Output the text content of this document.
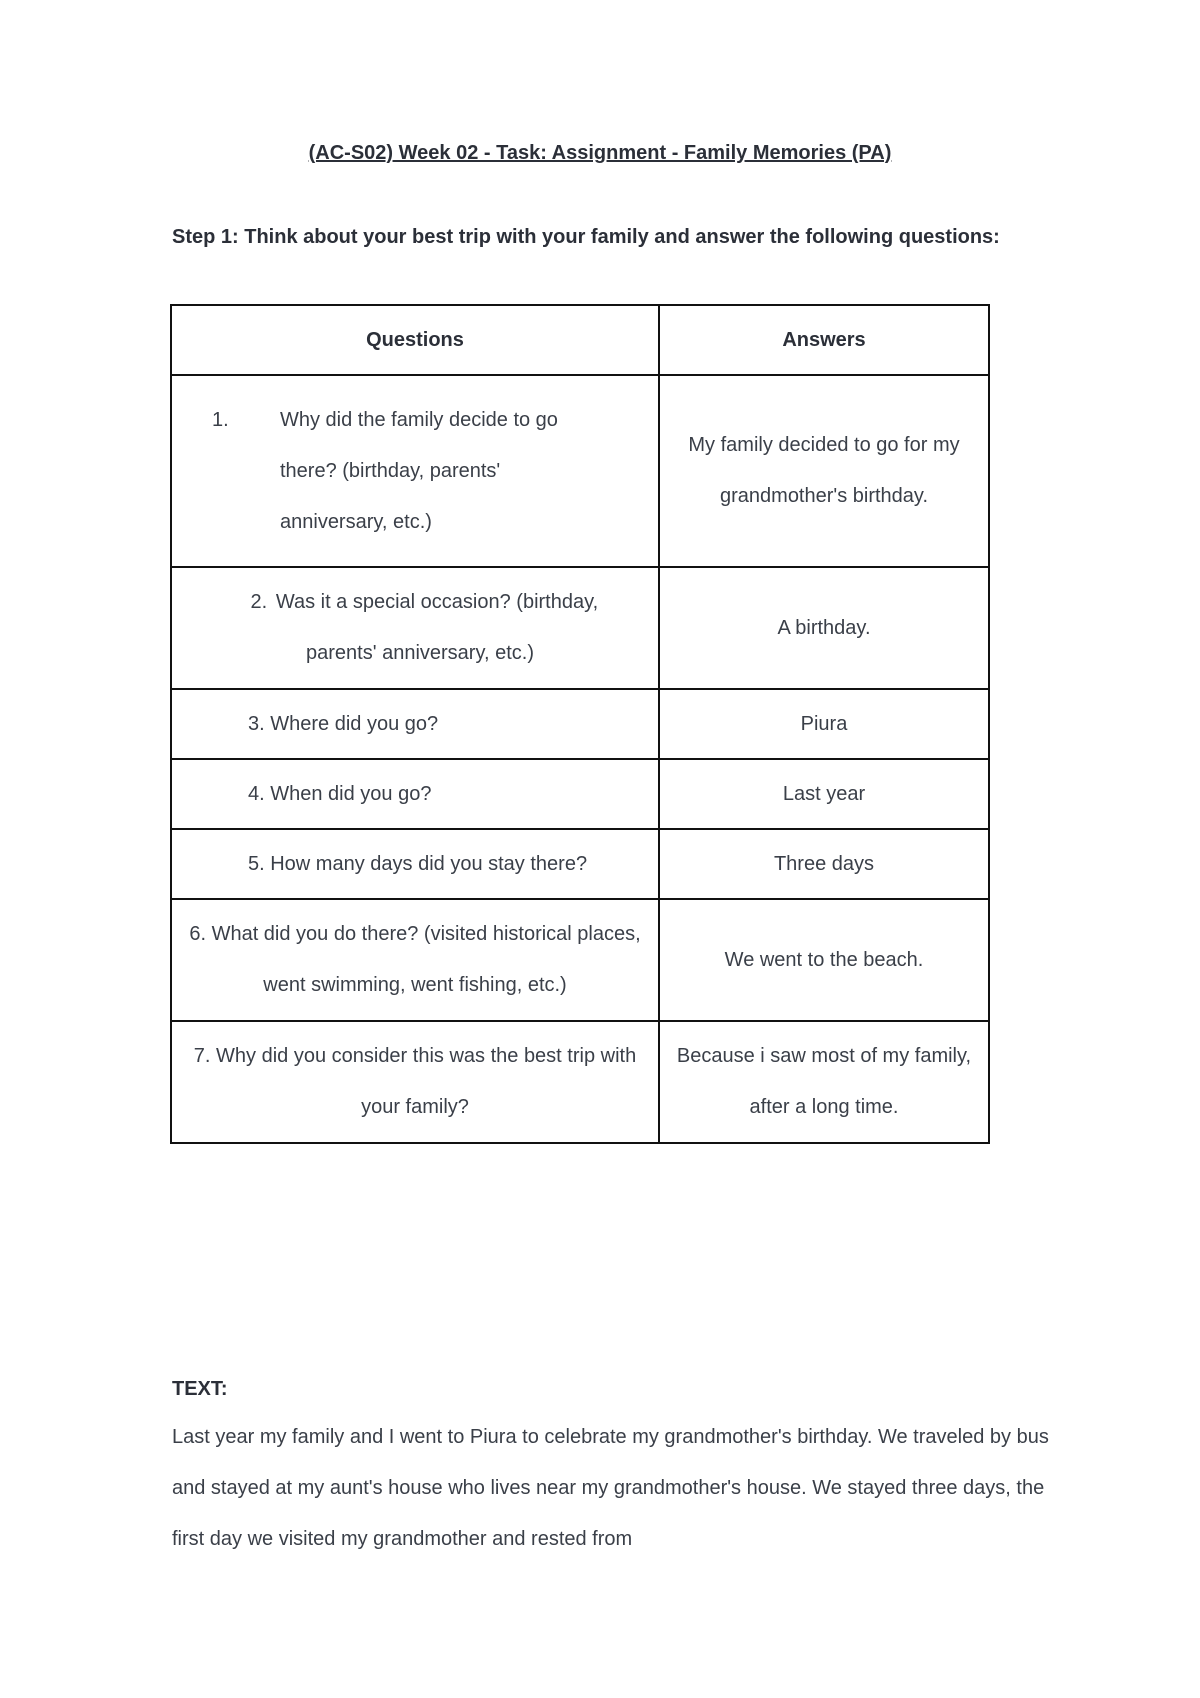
(AC-S02) Week 02 - Task: Assignment - Family Memories (PA)

Step 1: Think about your best trip with your family and answer the following questions:

Questions	Answers
1. Why did the family decide to go there? (birthday, parents' anniversary, etc.)	My family decided to go for my grandmother's birthday.

2. Was it a special occasion? (birthday, parents' anniversary, etc.)	A birthday.

3. Where did you go?	Piura

4. When did you go?	Last year

5. How many days did you stay there?	Three days

6. What did you do there? (visited historical places, went swimming, went fishing, etc.)	We went to the beach.

7. Why did you consider this was the best trip with your family?	Because i saw most of my family, after a long time.

TEXT:

Last year my family and I went to Piura to celebrate my grandmother's birthday. We traveled by bus and stayed at my aunt's house who lives near my grandmother's house. We stayed three days, the first day we visited my grandmother and rested from
